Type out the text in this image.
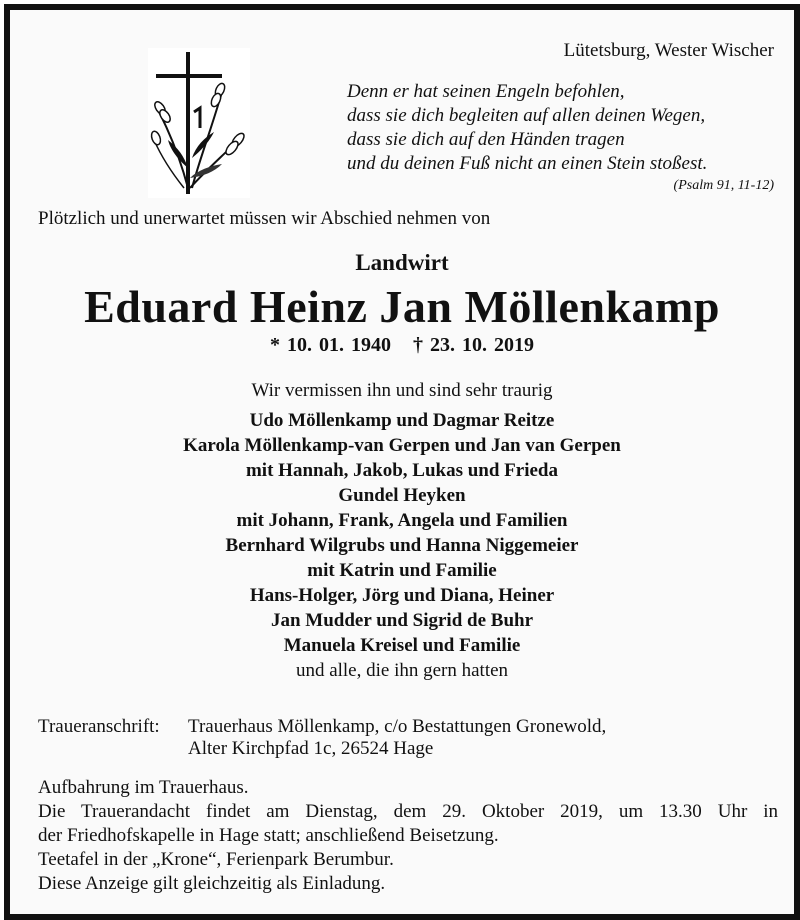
Lütetsburg, Wester Wischer
Denn er hat seinen Engeln befohlen,
dass sie dich begleiten auf allen deinen Wegen,
dass sie dich auf den Händen tragen
und du deinen Fuß nicht an einen Stein stoßest.
(Psalm 91, 11-12)
Plötzlich und unerwartet müssen wir Abschied nehmen von
Landwirt
Eduard Heinz Jan Möllenkamp
* 10. 01. 1940 † 23. 10. 2019
Wir vermissen ihn und sind sehr traurig
Udo Möllenkamp und Dagmar Reitze
Karola Möllenkamp-van Gerpen und Jan van Gerpen
mit Hannah, Jakob, Lukas und Frieda
Gundel Heyken
mit Johann, Frank, Angela und Familien
Bernhard Wilgrubs und Hanna Niggemeier
mit Katrin und Familie
Hans-Holger, Jörg und Diana, Heiner
Jan Mudder und Sigrid de Buhr
Manuela Kreisel und Familie
und alle, die ihn gern hatten
Traueranschrift: Trauerhaus Möllenkamp, c/o Bestattungen Gronewold,
Alter Kirchpfad 1c, 26524 Hage
Aufbahrung im Trauerhaus.
Die Trauerandacht findet am Dienstag, dem 29. Oktober 2019, um 13.30 Uhr in
der Friedhofskapelle in Hage statt; anschließend Beisetzung.
Teetafel in der „Krone“, Ferienpark Berumbur.
Diese Anzeige gilt gleichzeitig als Einladung.
